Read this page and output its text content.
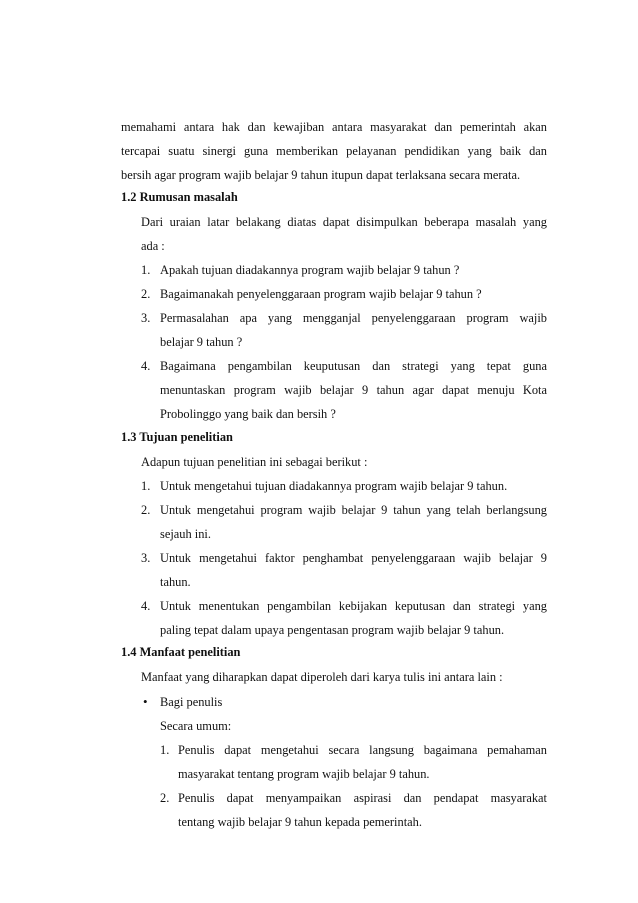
memahami antara hak dan kewajiban antara masyarakat dan pemerintah akan
tercapai suatu sinergi guna memberikan pelayanan pendidikan yang baik dan
bersih agar program wajib belajar 9 tahun itupun dapat terlaksana secara merata.
1.2 Rumusan masalah
Dari uraian latar belakang diatas dapat disimpulkan beberapa masalah yang
ada :
1. Apakah tujuan diadakannya program wajib belajar 9 tahun ?
2. Bagaimanakah penyelenggaraan program wajib belajar 9 tahun ?
3. Permasalahan apa yang mengganjal penyelenggaraan program wajib
belajar 9 tahun ?
4. Bagaimana pengambilan keuputusan dan strategi yang tepat guna
menuntaskan program wajib belajar 9 tahun agar dapat menuju Kota
Probolinggo yang baik dan bersih ?
1.3 Tujuan penelitian
Adapun tujuan penelitian ini sebagai berikut :
1. Untuk mengetahui tujuan diadakannya program wajib belajar 9 tahun.
2. Untuk mengetahui program wajib belajar 9 tahun yang telah berlangsung
sejauh ini.
3. Untuk mengetahui faktor penghambat penyelenggaraan wajib belajar 9
tahun.
4. Untuk menentukan pengambilan kebijakan keputusan dan strategi yang
paling tepat dalam upaya pengentasan program wajib belajar 9 tahun.
1.4 Manfaat penelitian
Manfaat yang diharapkan dapat diperoleh dari karya tulis ini antara lain :
• Bagi penulis
Secara umum:
1. Penulis dapat mengetahui secara langsung bagaimana pemahaman
masyarakat tentang program wajib belajar 9 tahun.
2. Penulis dapat menyampaikan aspirasi dan pendapat masyarakat
tentang wajib belajar 9 tahun kepada pemerintah.
